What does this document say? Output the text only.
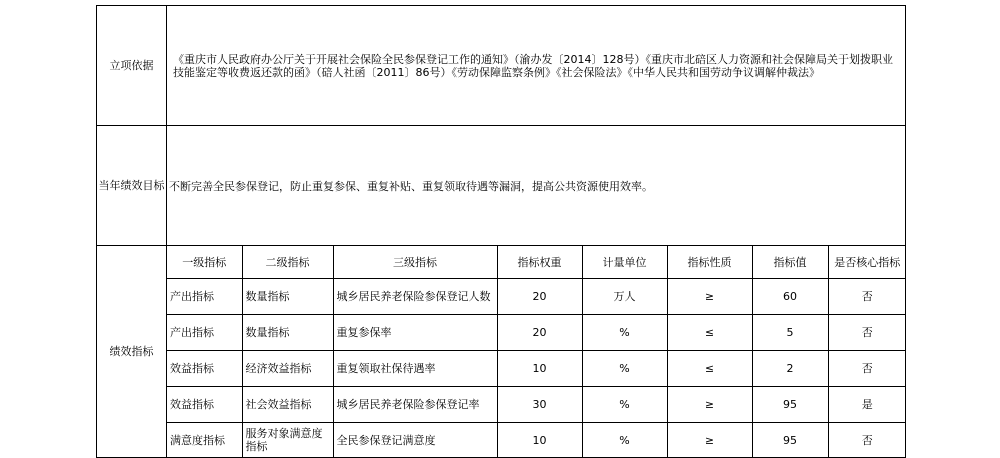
立项依据	《重庆市人民政府办公厅关于开展社会保险全民参保登记工作的通知》（渝办发〔2014〕128号）《重庆市北碚区人力资源和社会保障局关于划拨职业技能鉴定等收费返还款的函》（碚人社函〔2011〕86号）《劳动保障监察条例》《社会保险法》《中华人民共和国劳动争议调解仲裁法》
当年绩效目标	不断完善全民参保登记，防止重复参保、重复补贴、重复领取待遇等漏洞，提高公共资源使用效率。
绩效指标	
一级指标	二级指标	三级指标	指标权重	计量单位	指标性质	指标值	是否核心指标
产出指标	数量指标	城乡居民养老保险参保登记人数	20	万人	≥	60	否
产出指标	数量指标	重复参保率	20	%	≤	5	否
效益指标	经济效益指标	重复领取社保待遇率	10	%	≤	2	否
效益指标	社会效益指标	城乡居民养老保险参保登记率	30	%	≥	95	是
满意度指标	服务对象满意度指标	全民参保登记满意度	10	%	≥	95	否
